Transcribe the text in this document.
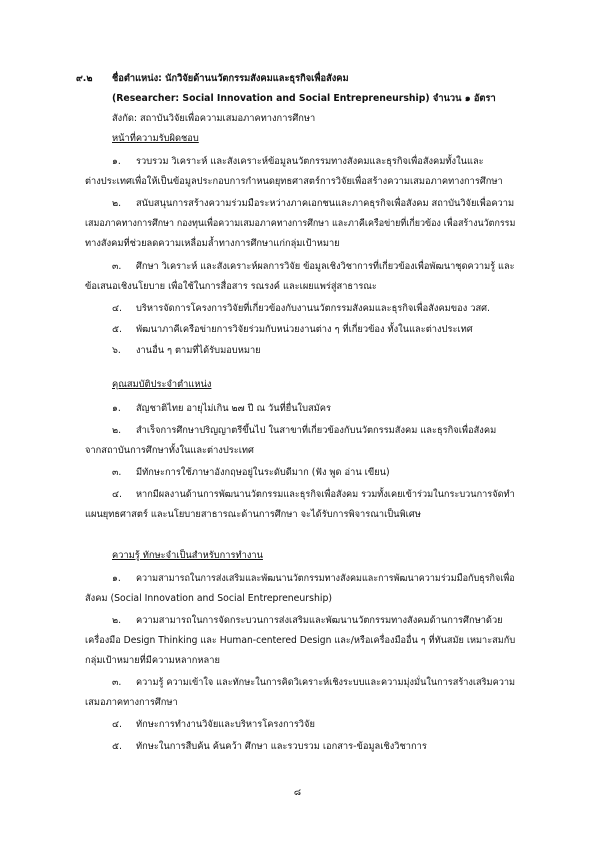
๙.๒ ชื่อตำแหน่ง: นักวิจัยด้านนวัตกรรมสังคมและธุรกิจเพื่อสังคม
(Researcher: Social Innovation and Social Entrepreneurship) จำนวน ๑ อัตรา
สังกัด: สถาบันวิจัยเพื่อความเสมอภาคทางการศึกษา
หน้าที่ความรับผิดชอบ
๑. รวบรวม วิเคราะห์ และสังเคราะห์ข้อมูลนวัตกรรมทางสังคมและธุรกิจเพื่อสังคมทั้งในและ
ต่างประเทศเพื่อให้เป็นข้อมูลประกอบการกำหนดยุทธศาสตร์การวิจัยเพื่อสร้างความเสมอภาคทางการศึกษา
๒. สนับสนุนการสร้างความร่วมมือระหว่างภาคเอกชนและภาคธุรกิจเพื่อสังคม สถาบันวิจัยเพื่อความ
เสมอภาคทางการศึกษา กองทุนเพื่อความเสมอภาคทางการศึกษา และภาคีเครือข่ายที่เกี่ยวข้อง เพื่อสร้างนวัตกรรม
ทางสังคมที่ช่วยลดความเหลื่อมล้ำทางการศึกษาแก่กลุ่มเป้าหมาย
๓. ศึกษา วิเคราะห์ และสังเคราะห์ผลการวิจัย ข้อมูลเชิงวิชาการที่เกี่ยวข้องเพื่อพัฒนาชุดความรู้ และ
ข้อเสนอเชิงนโยบาย เพื่อใช้ในการสื่อสาร รณรงค์ และเผยแพร่สู่สาธารณะ
๔. บริหารจัดการโครงการวิจัยที่เกี่ยวข้องกับงานนวัตกรรมสังคมและธุรกิจเพื่อสังคมของ วสศ.
๕. พัฒนาภาคีเครือข่ายการวิจัยร่วมกับหน่วยงานต่าง ๆ ที่เกี่ยวข้อง ทั้งในและต่างประเทศ
๖. งานอื่น ๆ ตามที่ได้รับมอบหมาย
คุณสมบัติประจำตำแหน่ง
๑. สัญชาติไทย อายุไม่เกิน ๒๗ ปี ณ วันที่ยื่นใบสมัคร
๒. สำเร็จการศึกษาปริญญาตรีขึ้นไป ในสาขาที่เกี่ยวข้องกับนวัตกรรมสังคม และธุรกิจเพื่อสังคม
จากสถาบันการศึกษาทั้งในและต่างประเทศ
๓. มีทักษะการใช้ภาษาอังกฤษอยู่ในระดับดีมาก (ฟัง พูด อ่าน เขียน)
๔. หากมีผลงานด้านการพัฒนานวัตกรรมและธุรกิจเพื่อสังคม รวมทั้งเคยเข้าร่วมในกระบวนการจัดทำ
แผนยุทธศาสตร์ และนโยบายสาธารณะด้านการศึกษา จะได้รับการพิจารณาเป็นพิเศษ
ความรู้ ทักษะจำเป็นสำหรับการทำงาน
๑. ความสามารถในการส่งเสริมและพัฒนานวัตกรรมทางสังคมและการพัฒนาความร่วมมือกับธุรกิจเพื่อ
สังคม (Social Innovation and Social Entrepreneurship)
๒. ความสามารถในการจัดกระบวนการส่งเสริมและพัฒนานวัตกรรมทางสังคมด้านการศึกษาด้วย
เครื่องมือ Design Thinking และ Human-centered Design และ/หรือเครื่องมืออื่น ๆ ที่ทันสมัย เหมาะสมกับ
กลุ่มเป้าหมายที่มีความหลากหลาย
๓. ความรู้ ความเข้าใจ และทักษะในการคิดวิเคราะห์เชิงระบบและความมุ่งมั่นในการสร้างเสริมความ
เสมอภาคทางการศึกษา
๔. ทักษะการทำงานวิจัยและบริหารโครงการวิจัย
๕. ทักษะในการสืบค้น ค้นคว้า ศึกษา และรวบรวม เอกสาร-ข้อมูลเชิงวิชาการ
๘
